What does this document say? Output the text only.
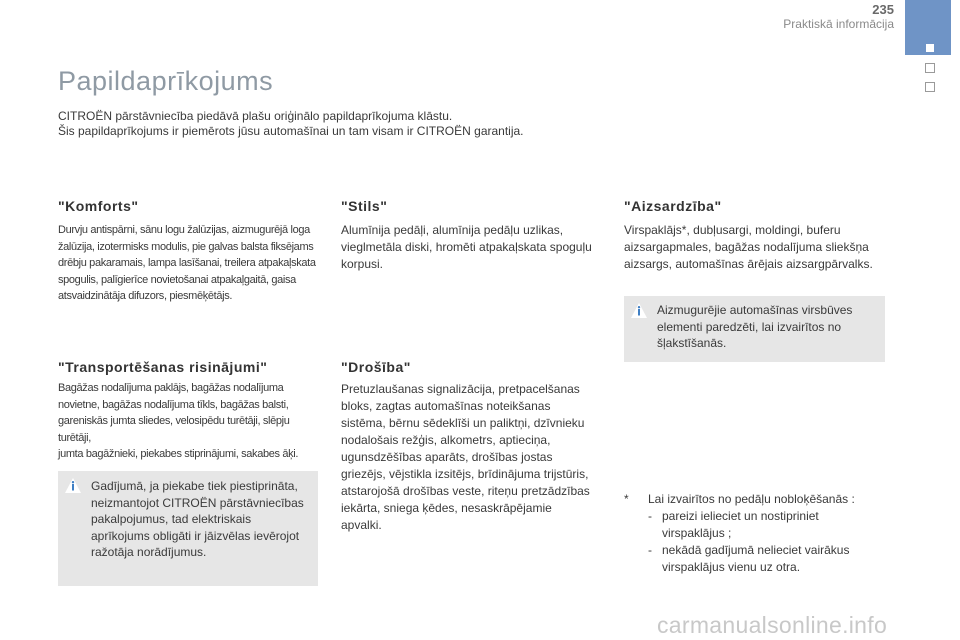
235
Praktiskā informācija
Papildaprīkojums
CITROËN pārstāvniecība piedāvā plašu oriģinālo papildaprīkojuma klāstu.
Šis papildaprīkojums ir piemērots jūsu automašīnai un tam visam ir CITROËN garantija.
"Komforts"
Durvju antispārni, sānu logu žalūzijas, aizmugurējā loga
žalūzija, izotermisks modulis, pie galvas balsta fiksējams
drēbju pakaramais, lampa lasīšanai, treilera atpakaļskata
spogulis, palīgierīce novietošanai atpakaļgaitā, gaisa
atsvaidzinātāja difuzors, piesmēķētājs.
"Transportēšanas risinājumi"
Bagāžas nodalījuma paklājs, bagāžas nodalījuma
novietne, bagāžas nodalījuma tīkls, bagāžas balsti,
gareniskās jumta sliedes, velosipēdu turētāji, slēpju turētāji,
jumta bagāžnieki, piekabes stiprinājumi, sakabes āķi.
Gadījumā, ja piekabe tiek piestiprināta,
neizmantojot CITROËN pārstāvniecības
pakalpojumus, tad elektriskais
aprīkojums obligāti ir jāizvēlas ievērojot
ražotāja norādījumus.
"Stils"
Alumīnija pedāļi, alumīnija pedāļu uzlikas,
vieglmetāla diski, hromēti atpakaļskata spoguļu
korpusi.
"Drošība"
Pretuzlaušanas signalizācija, pretpacelšanas
bloks, zagtas automašīnas noteikšanas
sistēma, bērnu sēdeklīši un paliktņi, dzīvnieku
nodalošais režģis, alkometrs, aptieciņa,
ugunsdzēšības aparāts, drošības jostas
griezējs, vējstikla izsitējs, brīdinājuma trijstūris,
atstarojošā drošības veste, riteņu pretzādzības
iekārta, sniega ķēdes, nesaskrāpējamie
apvalki.
"Aizsardzība"
Virspaklājs*, dubļusargi, moldingi, buferu
aizsargapmales, bagāžas nodalījuma sliekšņa
aizsargs, automašīnas ārējais aizsargpārvalks.
Aizmugurējie automašīnas virsbūves
elementi paredzēti, lai izvairītos no
šļakstīšanās.
* Lai izvairītos no pedāļu nobloķēšanās :
- pareizi ielieciet un nostipriniet
virspaklājus ;
- nekādā gadījumā nelieciet vairākus
virspaklājus vienu uz otra.
carmanualsonline.info
